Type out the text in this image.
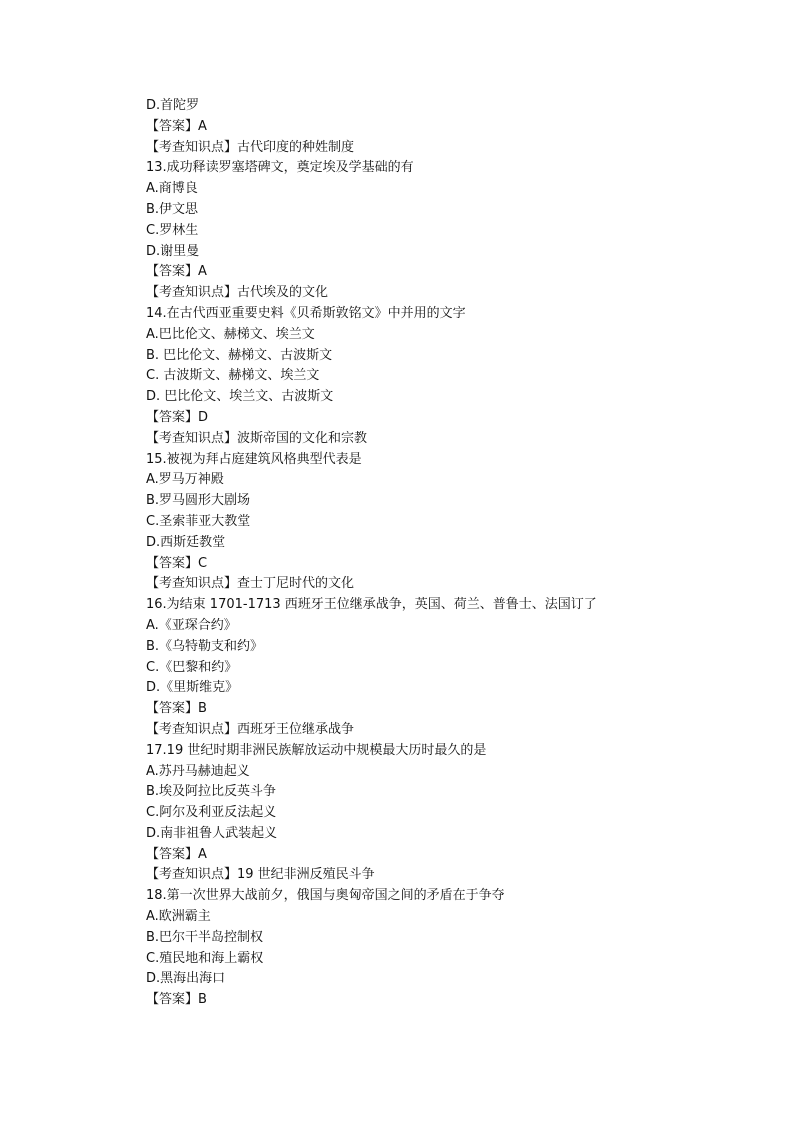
D.首陀罗
【答案】A
【考查知识点】古代印度的种姓制度
13.成功释读罗塞塔碑文，奠定埃及学基础的有
A.商博良
B.伊文思
C.罗林生
D.谢里曼
【答案】A
【考查知识点】古代埃及的文化
14.在古代西亚重要史料《贝希斯敦铭文》中并用的文字
A.巴比伦文、赫梯文、埃兰文
B. 巴比伦文、赫梯文、古波斯文
C. 古波斯文、赫梯文、埃兰文
D. 巴比伦文、埃兰文、古波斯文
【答案】D
【考查知识点】波斯帝国的文化和宗教
15.被视为拜占庭建筑风格典型代表是
A.罗马万神殿
B.罗马圆形大剧场
C.圣索菲亚大教堂
D.西斯廷教堂
【答案】C
【考查知识点】查士丁尼时代的文化
16.为结束 1701-1713 西班牙王位继承战争，英国、荷兰、普鲁士、法国订了
A.《亚琛合约》
B.《乌特勒支和约》
C.《巴黎和约》
D.《里斯维克》
【答案】B
【考查知识点】西班牙王位继承战争
17.19 世纪时期非洲民族解放运动中规模最大历时最久的是
A.苏丹马赫迪起义
B.埃及阿拉比反英斗争
C.阿尔及利亚反法起义
D.南非祖鲁人武装起义
【答案】A
【考查知识点】19 世纪非洲反殖民斗争
18.第一次世界大战前夕，俄国与奥匈帝国之间的矛盾在于争夺
A.欧洲霸主
B.巴尔干半岛控制权
C.殖民地和海上霸权
D.黑海出海口
【答案】B
